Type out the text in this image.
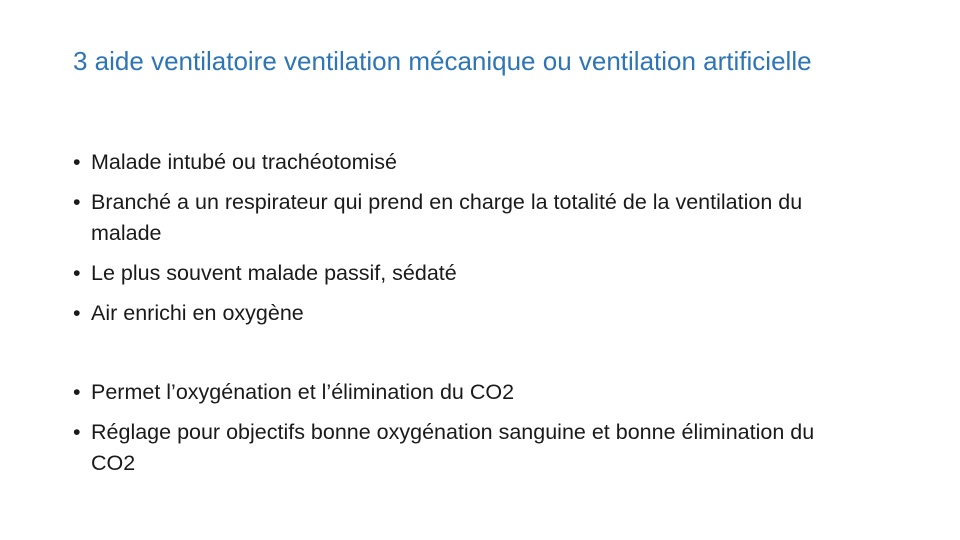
3 aide ventilatoire ventilation mécanique ou ventilation artificielle
• Malade intubé ou trachéotomisé
• Branché a un respirateur qui prend en charge la totalité de la ventilation du malade
• Le plus souvent malade passif, sédaté
• Air enrichi en oxygène
• Permet l’oxygénation et l’élimination du CO2
• Réglage pour objectifs bonne oxygénation sanguine et bonne élimination du CO2
